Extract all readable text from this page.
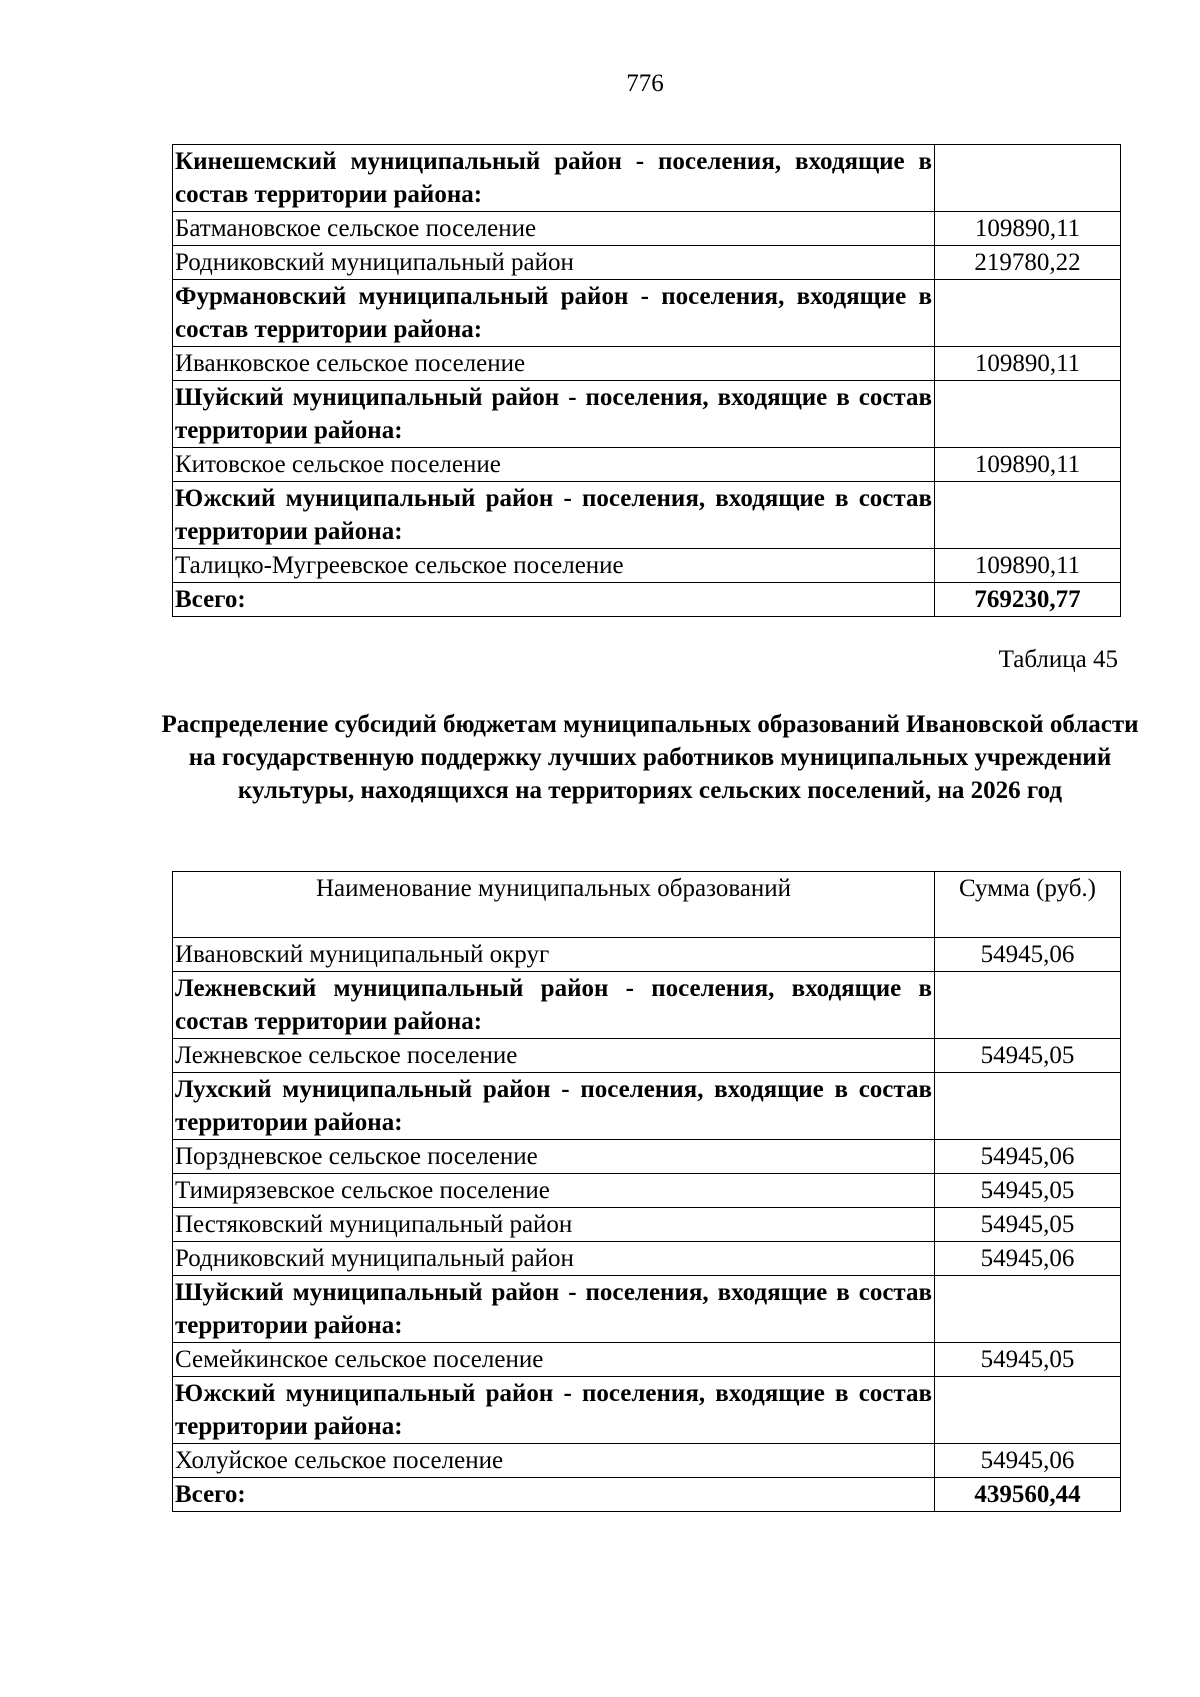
776
Кинешемский муниципальный район - поселения, входящие в состав территории района:	
Батмановское сельское поселение	109890,11
Родниковский муниципальный район	219780,22
Фурмановский муниципальный район - поселения, входящие в состав территории района:	
Иванковское сельское поселение	109890,11
Шуйский муниципальный район - поселения, входящие в состав территории района:	
Китовское сельское поселение	109890,11
Южский муниципальный район - поселения, входящие в состав территории района:	
Талицко-Мугреевское сельское поселение	109890,11
Всего:	769230,77
Таблица 45
Распределение субсидий бюджетам муниципальных образований Ивановской области на государственную поддержку лучших работников муниципальных учреждений культуры, находящихся на территориях сельских поселений, на 2026 год
Наименование муниципальных образований	Сумма (руб.)
Ивановский муниципальный округ	54945,06
Лежневский муниципальный район - поселения, входящие в состав территории района:	
Лежневское сельское поселение	54945,05
Лухский муниципальный район - поселения, входящие в состав территории района:	
Порздневское сельское поселение	54945,06
Тимирязевское сельское поселение	54945,05
Пестяковский муниципальный район	54945,05
Родниковский муниципальный район	54945,06
Шуйский муниципальный район - поселения, входящие в состав территории района:	
Семейкинское сельское поселение	54945,05
Южский муниципальный район - поселения, входящие в состав территории района:	
Холуйское сельское поселение	54945,06
Всего:	439560,44
